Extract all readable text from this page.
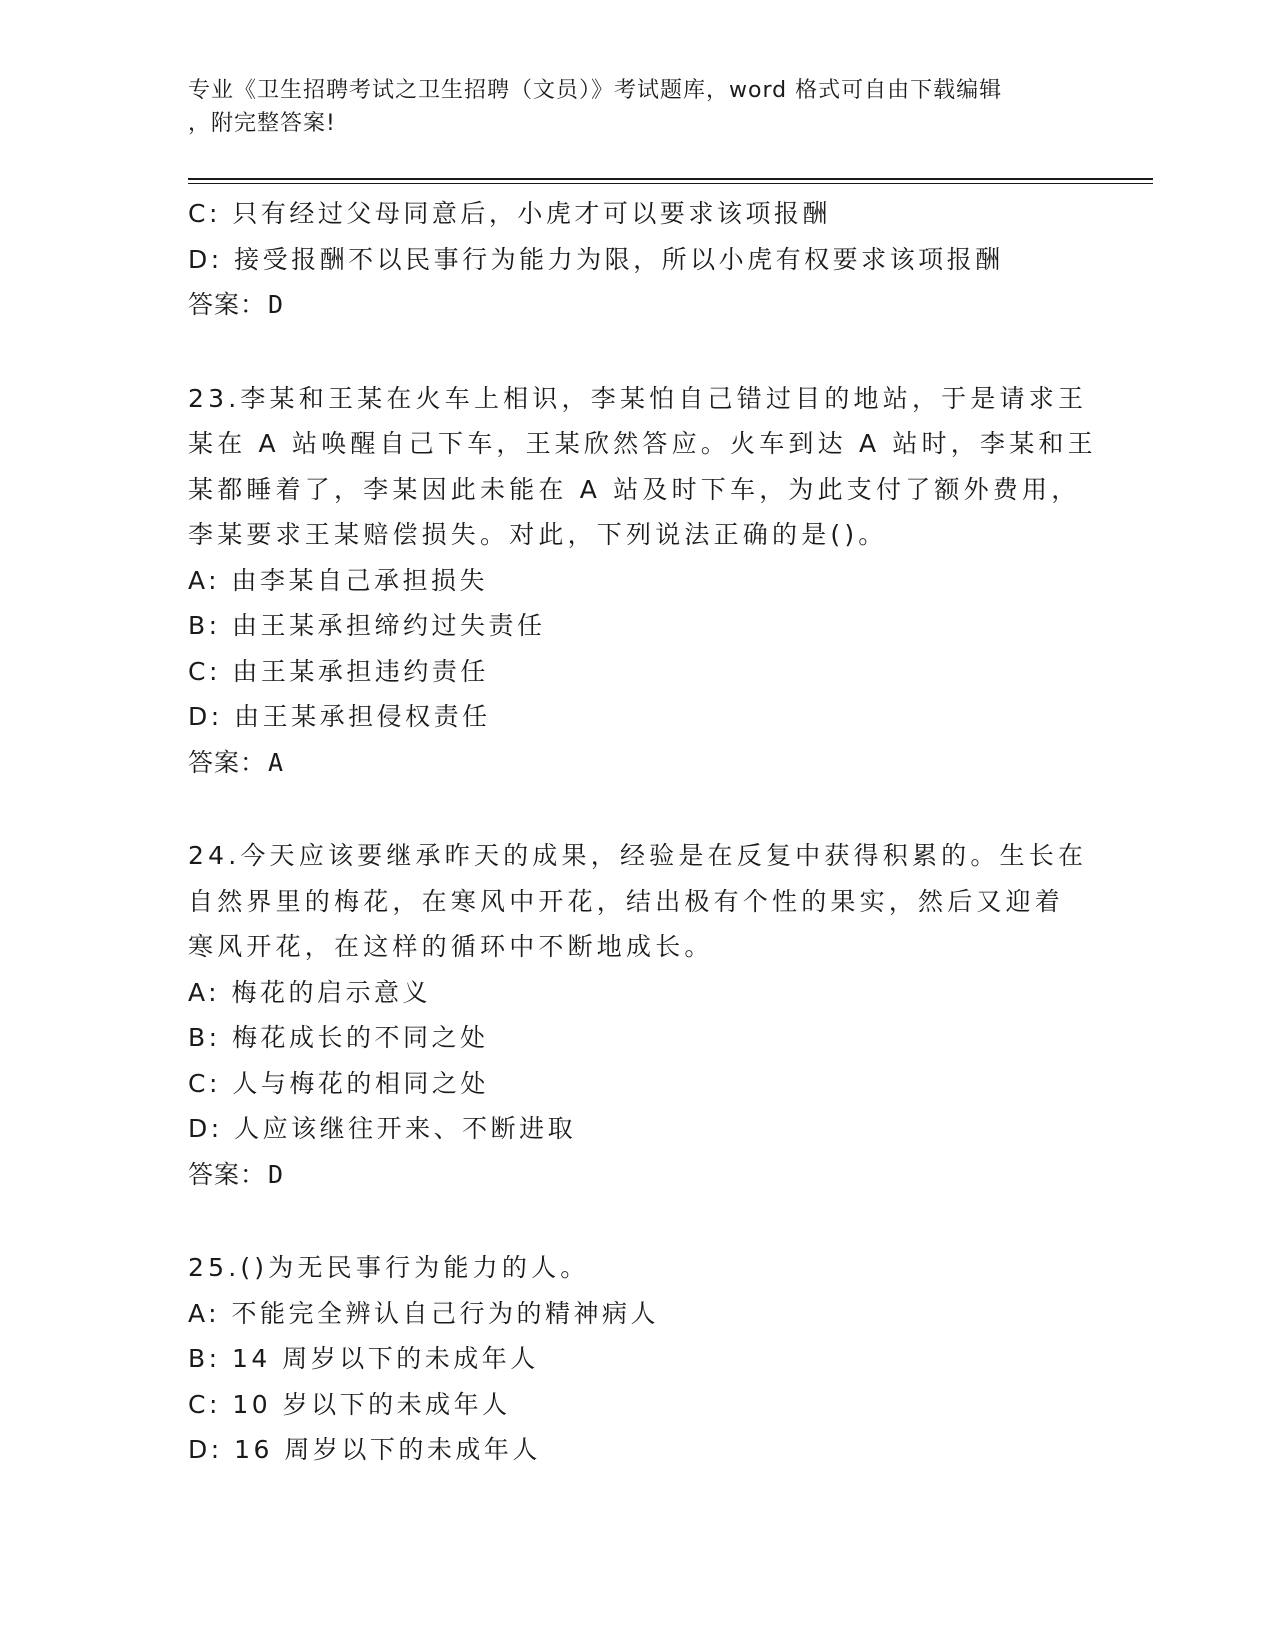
专业《卫生招聘考试之卫生招聘（文员）》考试题库，word 格式可自由下载编辑
，附完整答案!
C: 只有经过父母同意后，小虎才可以要求该项报酬
D: 接受报酬不以民事行为能力为限，所以小虎有权要求该项报酬
答案：D
23.李某和王某在火车上相识，李某怕自己错过目的地站，于是请求王
某在 A 站唤醒自己下车，王某欣然答应。火车到达 A 站时，李某和王
某都睡着了，李某因此未能在 A 站及时下车，为此支付了额外费用，
李某要求王某赔偿损失。对此，下列说法正确的是()。
A: 由李某自己承担损失
B: 由王某承担缔约过失责任
C: 由王某承担违约责任
D: 由王某承担侵权责任
答案：A
24.今天应该要继承昨天的成果，经验是在反复中获得积累的。生长在
自然界里的梅花，在寒风中开花，结出极有个性的果实，然后又迎着
寒风开花，在这样的循环中不断地成长。
A: 梅花的启示意义
B: 梅花成长的不同之处
C: 人与梅花的相同之处
D: 人应该继往开来、不断进取
答案：D
25.()为无民事行为能力的人。
A: 不能完全辨认自己行为的精神病人
B: 14 周岁以下的未成年人
C: 10 岁以下的未成年人
D: 16 周岁以下的未成年人
